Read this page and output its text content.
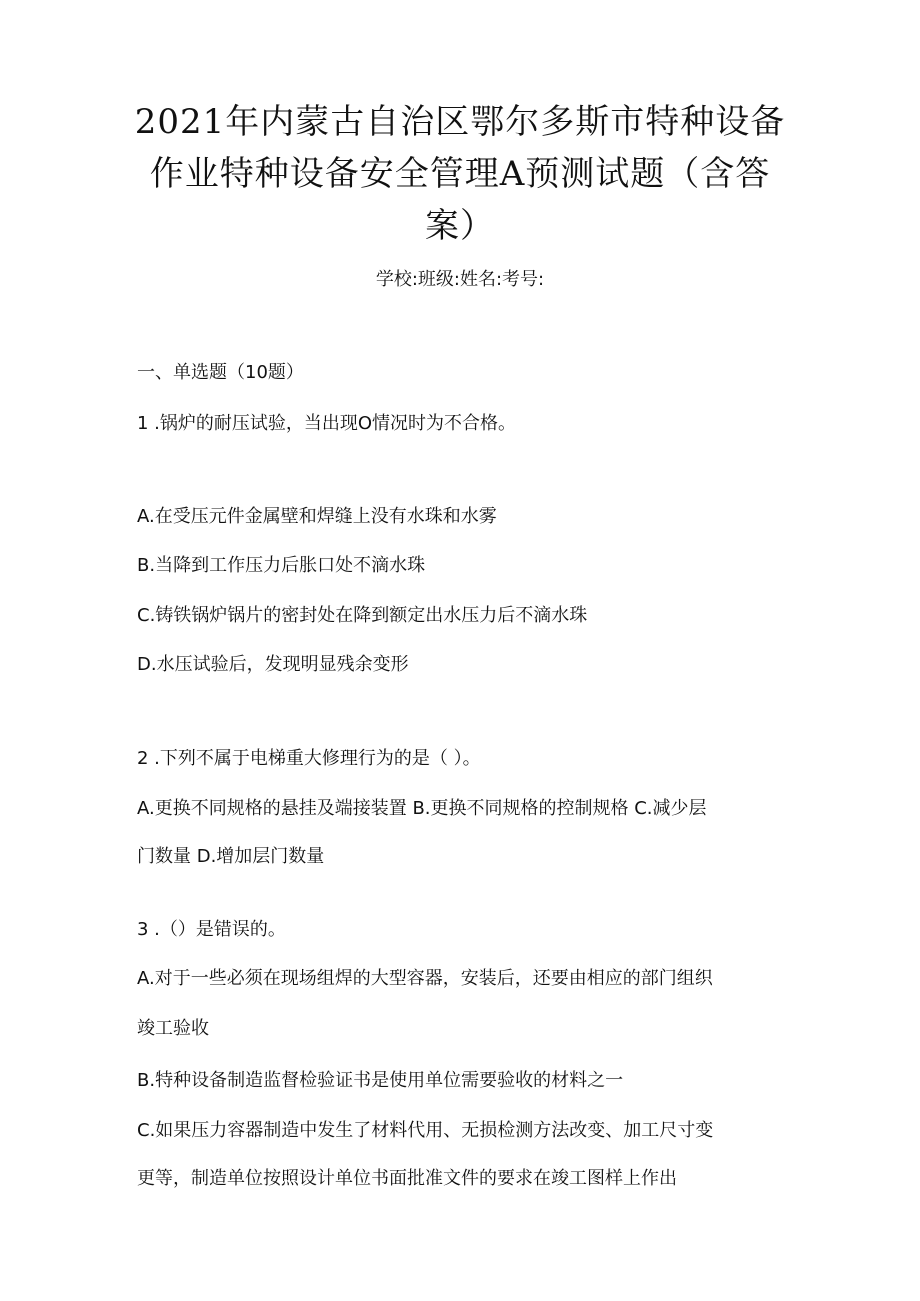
2021年内蒙古自治区鄂尔多斯市特种设备
作业特种设备安全管理A预测试题（含答
案）
学校:班级:姓名:考号:
一、单选题（10题）
1 .锅炉的耐压试验，当出现O情况时为不合格。
A.在受压元件金属壁和焊缝上没有水珠和水雾
B.当降到工作压力后胀口处不滴水珠
C.铸铁锅炉锅片的密封处在降到额定出水压力后不滴水珠
D.水压试验后，发现明显残余变形
2 .下列不属于电梯重大修理行为的是（ ）。
A.更换不同规格的悬挂及端接装置 B.更换不同规格的控制规格 C.减少层
门数量 D.增加层门数量
3 .（）是错误的。
A.对于一些必须在现场组焊的大型容器，安装后，还要由相应的部门组织
竣工验收
B.特种设备制造监督检验证书是使用单位需要验收的材料之一
C.如果压力容器制造中发生了材料代用、无损检测方法改变、加工尺寸变
更等，制造单位按照设计单位书面批准文件的要求在竣工图样上作出
